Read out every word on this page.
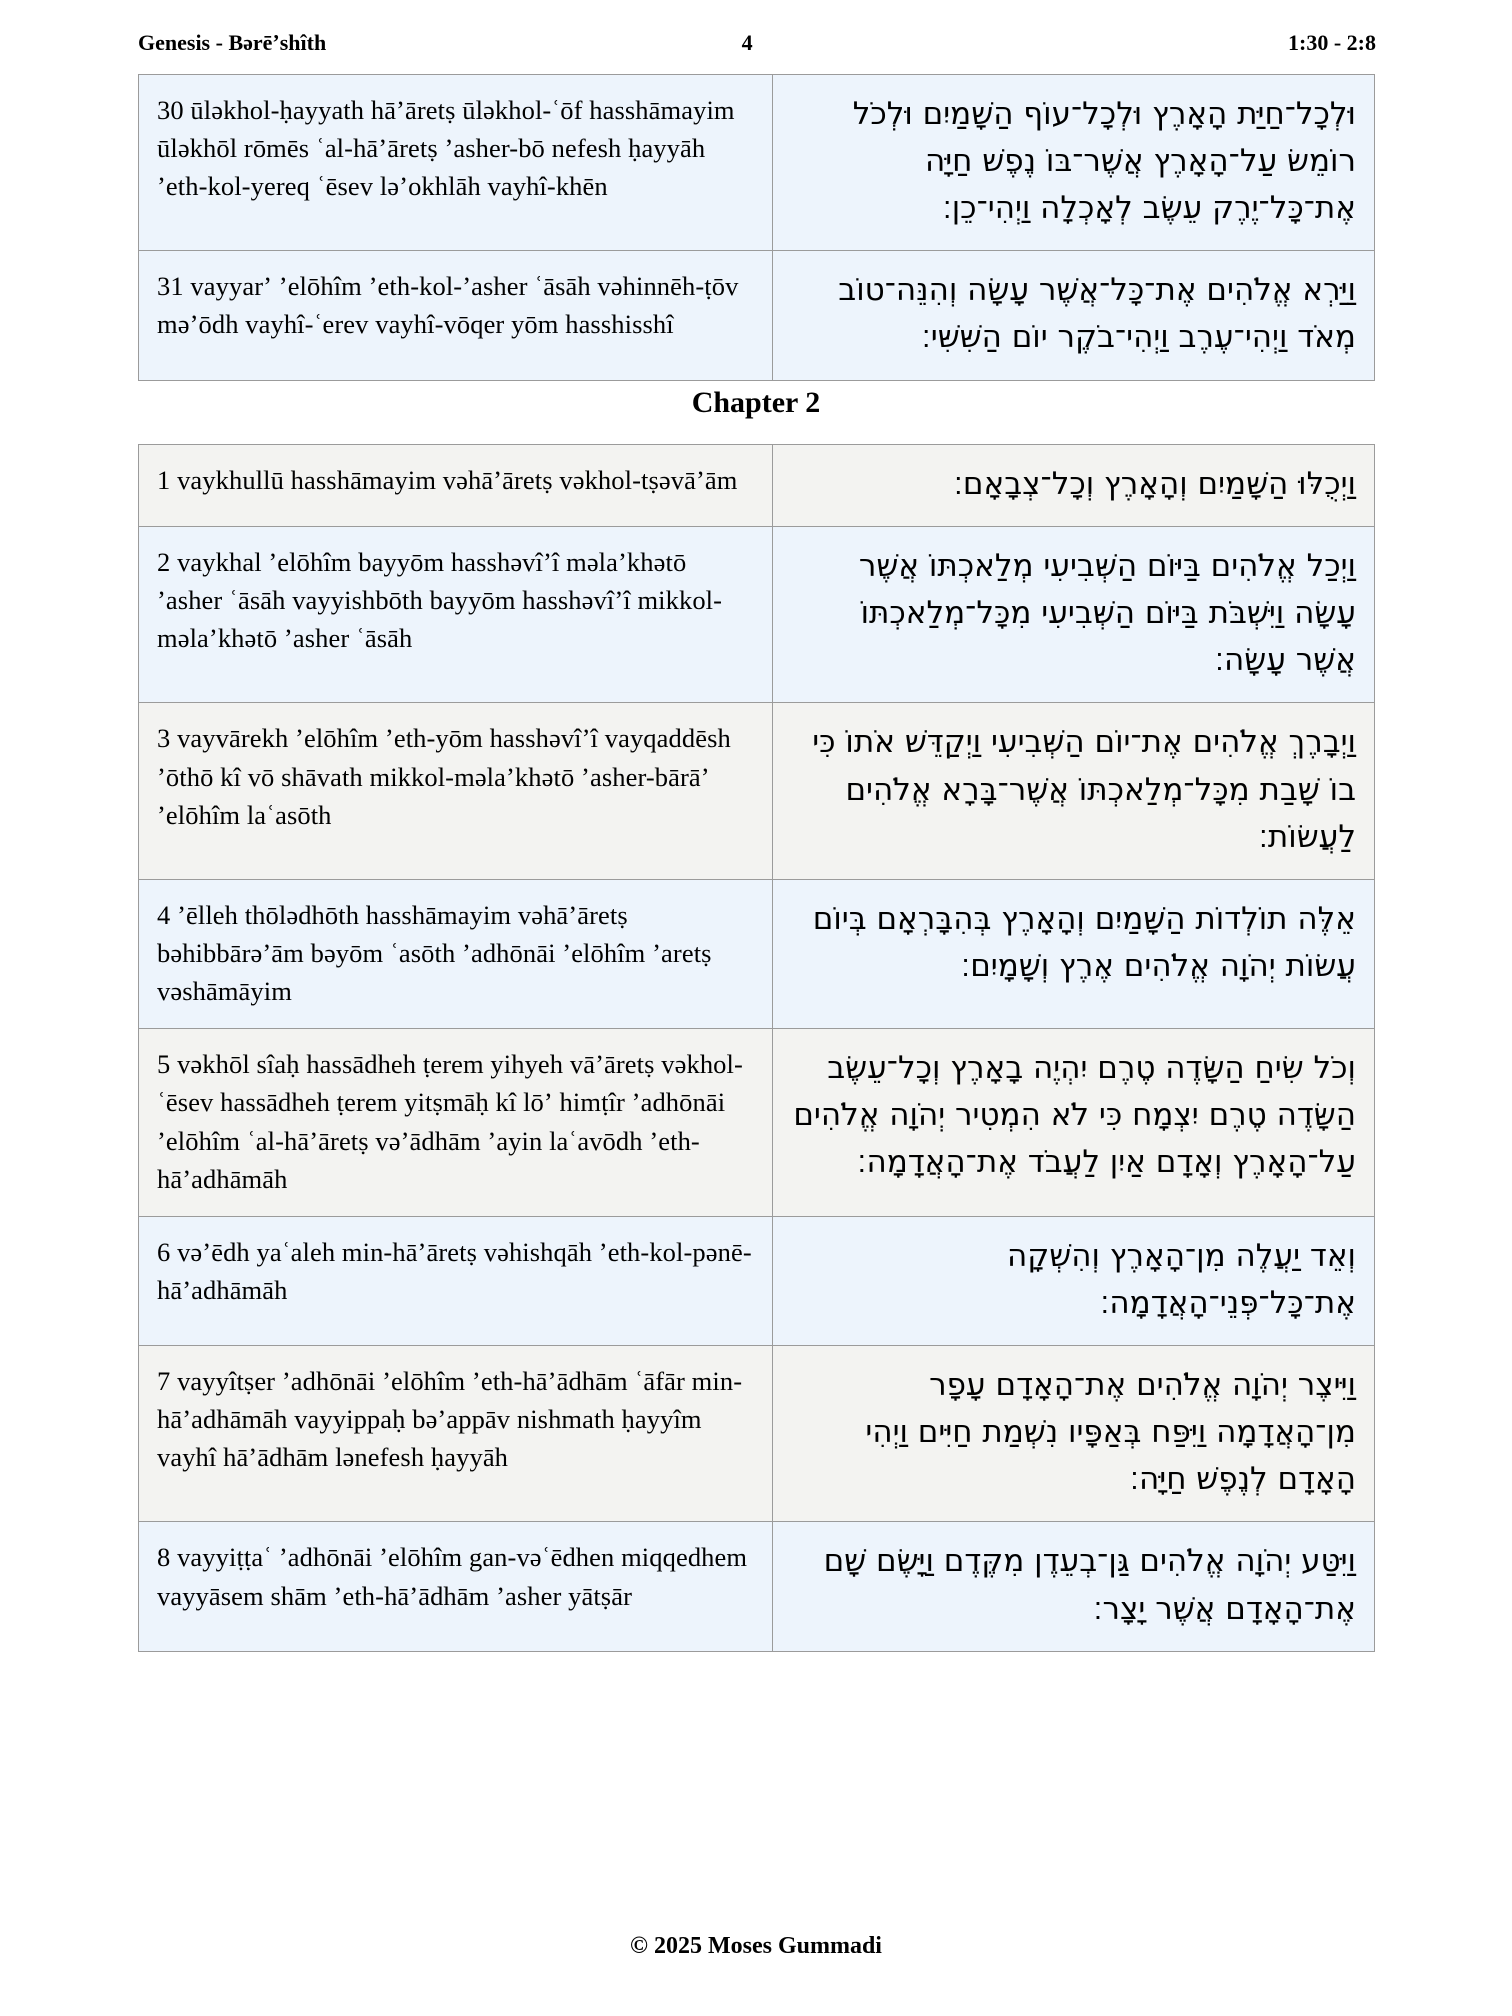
Genesis - Bərēʼshîth	4	1:30 - 2:8
30 ūləkhol-ḥayyath hāʼāretṣ ūləkhol-ʿōf hasshāmayim ūləkhōl rōmēs ʿal-hāʼāretṣ ʼasher-bō nefesh ḥayyāh ʼeth-kol-yereq ʿēsev ləʼokhlāh vayhî-khēn	וּלְכָל־חַיַּת הָאָרֶץ וּלְכָל־עוֹף הַשָׁמַיִם וּלְכֹל רוֹמֵשׂ עַל־הָאָרֶץ אֲשֶׁר־בּוֹ נֶפֶשׁ חַיָּה אֶת־כָּל־יֶרֶק עֵשֶׂב לְאָכְלָה וַיְהִי־כֵן׃
31 vayyarʼ ʼelōhîm ʼeth-kol-ʼasher ʿāsāh vəhinnēh-ṭōv məʼōdh vayhî-ʿerev vayhî-vōqer yōm hasshisshî	וַיַּרְא אֱלֹהִים אֶת־כָּל־אֲשֶׁר עָשָׂה וְהִנֵּה־טוֹב מְאֹד וַיְהִי־עֶרֶב וַיְהִי־בֹקֶר יוֹם הַשִּׁשִּׁי׃
Chapter 2
1 vaykhullū hasshāmayim vəhāʼāretṣ vəkhol-tṣəvāʼām	וַיְכֻלּוּ הַשָּׁמַיִם וְהָאָרֶץ וְכָל־צְבָאָם׃
2 vaykhal ʼelōhîm bayyōm hasshəvîʼî məlaʼkhətō ʼasher ʿāsāh vayyishbōth bayyōm hasshəvîʼî mikkol-məlaʼkhətō ʼasher ʿāsāh	וַיְכַל אֱלֹהִים בַּיּוֹם הַשְּׁבִיעִי מְלַאכְתּוֹ אֲשֶׁר עָשָׂה וַיִּשְׁבֹּת בַּיּוֹם הַשְּׁבִיעִי מִכָּל־מְלַאכְתּוֹ אֲשֶׁר עָשָׂה׃
3 vayvārekh ʼelōhîm ʼeth-yōm hasshəvîʼî vayqaddēsh ʼōthō kî vō shāvath mikkol-məlaʼkhətō ʼasher-bārāʼ ʼelōhîm laʿasōth	וַיְבָרֶךְ אֱלֹהִים אֶת־יוֹם הַשְּׁבִיעִי וַיְקַדֵּשׁ אֹתוֹ כִּי בוֹ שָׁבַת מִכָּל־מְלַאכְתּוֹ אֲשֶׁר־בָּרָא אֱלֹהִים לַעֲשׂוֹת׃
4 ʼēlleh thōlədhōth hasshāmayim vəhāʼāretṣ bəhibbārəʼām bəyōm ʿasōth ʼadhōnāi ʼelōhîm ʼaretṣ vəshāmāyim	אֵלֶּה תוֹלְדוֹת הַשָּׁמַיִם וְהָאָרֶץ בְּהִבָּרְאָם בְּיוֹם עֲשׂוֹת יְהֹוָה אֱלֹהִים אֶרֶץ וְשָׁמָיִם׃
5 vəkhōl sîaḥ hassādheh ṭerem yihyeh vāʼāretṣ vəkhol-ʿēsev hassādheh ṭerem yitṣmāḥ kî lōʼ himṭîr ʼadhōnāi ʼelōhîm ʿal-hāʼāretṣ vəʼādhām ʼayin laʿavōdh ʼeth-hāʼadhāmāh	וְכֹל שִׂיחַ הַשָּׂדֶה טֶרֶם יִהְיֶה בָאָרֶץ וְכָל־עֵשֶׂב הַשָּׂדֶה טֶרֶם יִצְמָח כִּי לֹא הִמְטִיר יְהֹוָה אֱלֹהִים עַל־הָאָרֶץ וְאָדָם אַיִן לַעֲבֹד אֶת־הָאֲדָמָה׃
6 vəʼēdh yaʿaleh min-hāʼāretṣ vəhishqāh ʼeth-kol-pənē-hāʼadhāmāh	וְאֵד יַעֲלֶה מִן־הָאָרֶץ וְהִשְׁקָה אֶת־כָּל־פְּנֵי־הָאֲדָמָה׃
7 vayyîtṣer ʼadhōnāi ʼelōhîm ʼeth-hāʼādhām ʿāfār min-hāʼadhāmāh vayyippaḥ bəʼappāv nishmath ḥayyîm vayhî hāʼādhām lənefesh ḥayyāh	וַיִּיצֶר יְהֹוָה אֱלֹהִים אֶת־הָאָדָם עָפָר מִן־הָאֲדָמָה וַיִּפַּח בְּאַפָּיו נִשְׁמַת חַיִּים וַיְהִי הָאָדָם לְנֶפֶשׁ חַיָּה׃
8 vayyiṭṭaʿ ʼadhōnāi ʼelōhîm gan-vəʿēdhen miqqedhem vayyāsem shām ʼeth-hāʼādhām ʼasher yātṣār	וַיִּטַּע יְהֹוָה אֱלֹהִים גַּן־בְעֵדֶן מִקֶּדֶם וַיָּשֶׂם שָׁם אֶת־הָאָדָם אֲשֶׁר יָצָר׃
© 2025 Moses Gummadi
